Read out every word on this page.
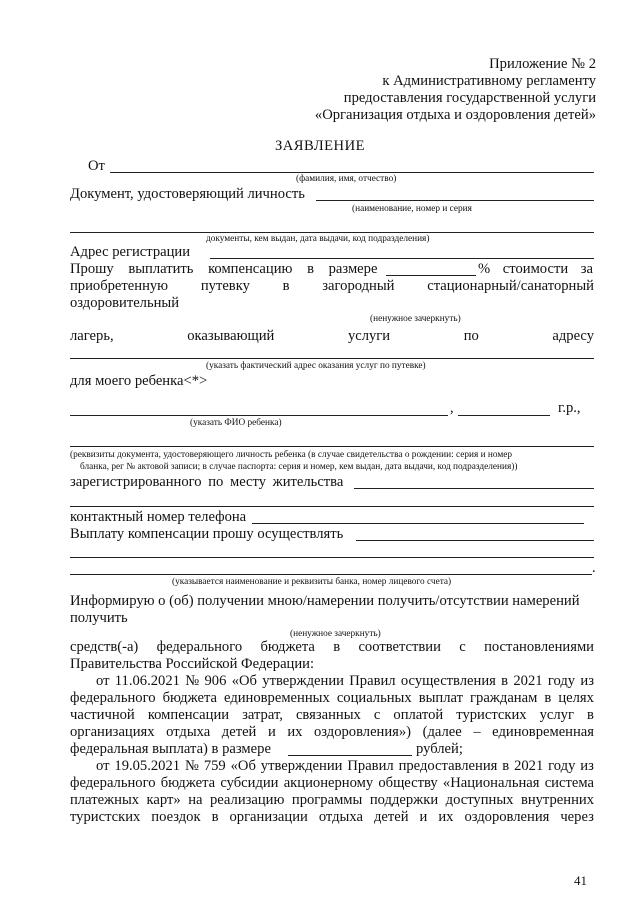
Приложение № 2
к Административному регламенту
предоставления государственной услуги
«Организация отдыха и оздоровления детей»
ЗАЯВЛЕНИЕ
От
(фамилия, имя, отчество)
Документ, удостоверяющий личность
(наименование, номер и серия
документы, кем выдан, дата выдачи, код подразделения)
Адрес регистрации
Прошу выплатить компенсацию в размере	% стоимости за
приобретенную путевку в загородный стационарный/санаторный
оздоровительный
(ненужное зачеркнуть)
лагерь,	оказывающий	услуги	по	адресу
(указать фактический адрес оказания услуг по путевке)
для моего ребенка<*>
,	г.р.,
(указать ФИО ребенка)
(реквизиты документа, удостоверяющего личность ребенка (в случае свидетельства о рождении: серия и номер
бланка, рег № актовой записи; в случае паспорта: серия и номер, кем выдан, дата выдачи, код подразделения))
зарегистрированного по месту жительства
контактный номер телефона
Выплату компенсации прошу осуществлять
.
(указывается наименование и реквизиты банка, номер лицевого счета)
Информирую о (об) получении мною/намерении получить/отсутствии намерений
получить
(ненужное зачеркнуть)
средств(-а) федерального бюджета в соответствии с постановлениями
Правительства Российской Федерации:
от 11.06.2021 № 906 «Об утверждении Правил осуществления в 2021 году из
федерального бюджета единовременных социальных выплат гражданам в целях
частичной компенсации затрат, связанных с оплатой туристских услуг в
организациях отдыха детей и их оздоровления») (далее – единовременная
федеральная выплата) в размере	рублей;
от 19.05.2021 № 759 «Об утверждении Правил предоставления в 2021 году из
федерального бюджета субсидии акционерному обществу «Национальная система
платежных карт» на реализацию программы поддержки доступных внутренних
туристских поездок в организации отдыха детей и их оздоровления через
41
